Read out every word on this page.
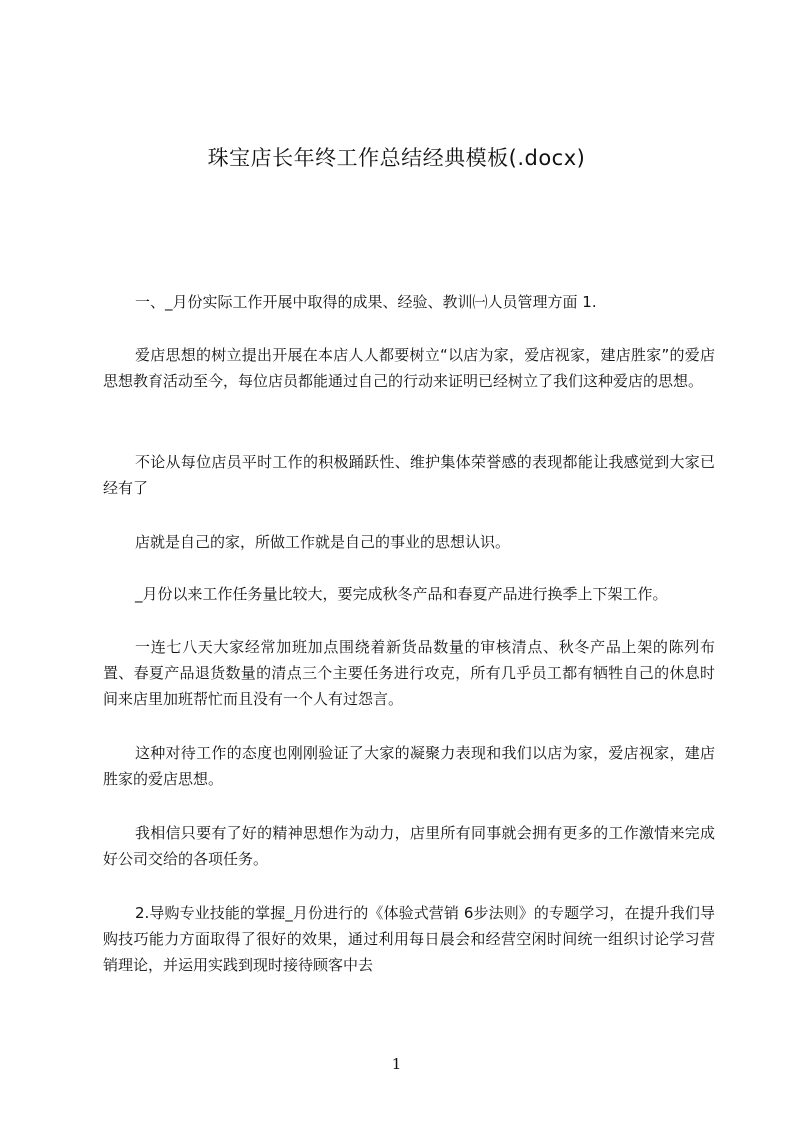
珠宝店长年终工作总结经典模板(.docx)
一、_月份实际工作开展中取得的成果、经验、教训㈠人员管理方面 1.
爱店思想的树立提出开展在本店人人都要树立“以店为家，爱店视家，建店胜家”的爱店思想教育活动至今，每位店员都能通过自己的行动来证明已经树立了我们这种爱店的思想。
不论从每位店员平时工作的积极踊跃性、维护集体荣誉感的表现都能让我感觉到大家已经有了
店就是自己的家，所做工作就是自己的事业的思想认识。
_月份以来工作任务量比较大，要完成秋冬产品和春夏产品进行换季上下架工作。
一连七八天大家经常加班加点围绕着新货品数量的审核清点、秋冬产品上架的陈列布置、春夏产品退货数量的清点三个主要任务进行攻克，所有几乎员工都有牺牲自己的休息时间来店里加班帮忙而且没有一个人有过怨言。
这种对待工作的态度也刚刚验证了大家的凝聚力表现和我们以店为家，爱店视家，建店胜家的爱店思想。
我相信只要有了好的精神思想作为动力，店里所有同事就会拥有更多的工作激情来完成好公司交给的各项任务。
2.导购专业技能的掌握_月份进行的《体验式营销 6步法则》的专题学习，在提升我们导购技巧能力方面取得了很好的效果，通过利用每日晨会和经营空闲时间统一组织讨论学习营销理论，并运用实践到现时接待顾客中去
1
